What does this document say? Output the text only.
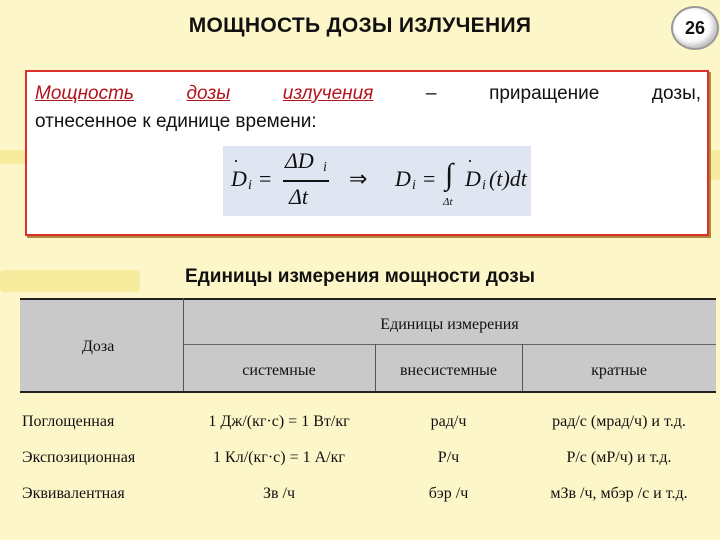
МОЩНОСТЬ ДОЗЫ ИЗЛУЧЕНИЯ	26
Мощность	дозы	излучения	– приращение дозы,
отнесенное к единице времени:
·
D i =
ΔD i
Δt
⇒ D i = ∫
Δt
·
D i (t)dt
Единицы измерения мощности дозы
Доза
Единицы измерения
системные	внесистемные	кратные
Поглощенная	1 Дж/(кг·с) = 1 Вт/кг	рад/ч	рад/с (мрад/ч) и т.д.
Экспозиционная	1 Кл/(кг·с) = 1 А/кг	Р/ч	Р/с (мР/ч) и т.д.
Эквивалентная	Зв /ч	бэр /ч	мЗв /ч, мбэр /с и т.д.
